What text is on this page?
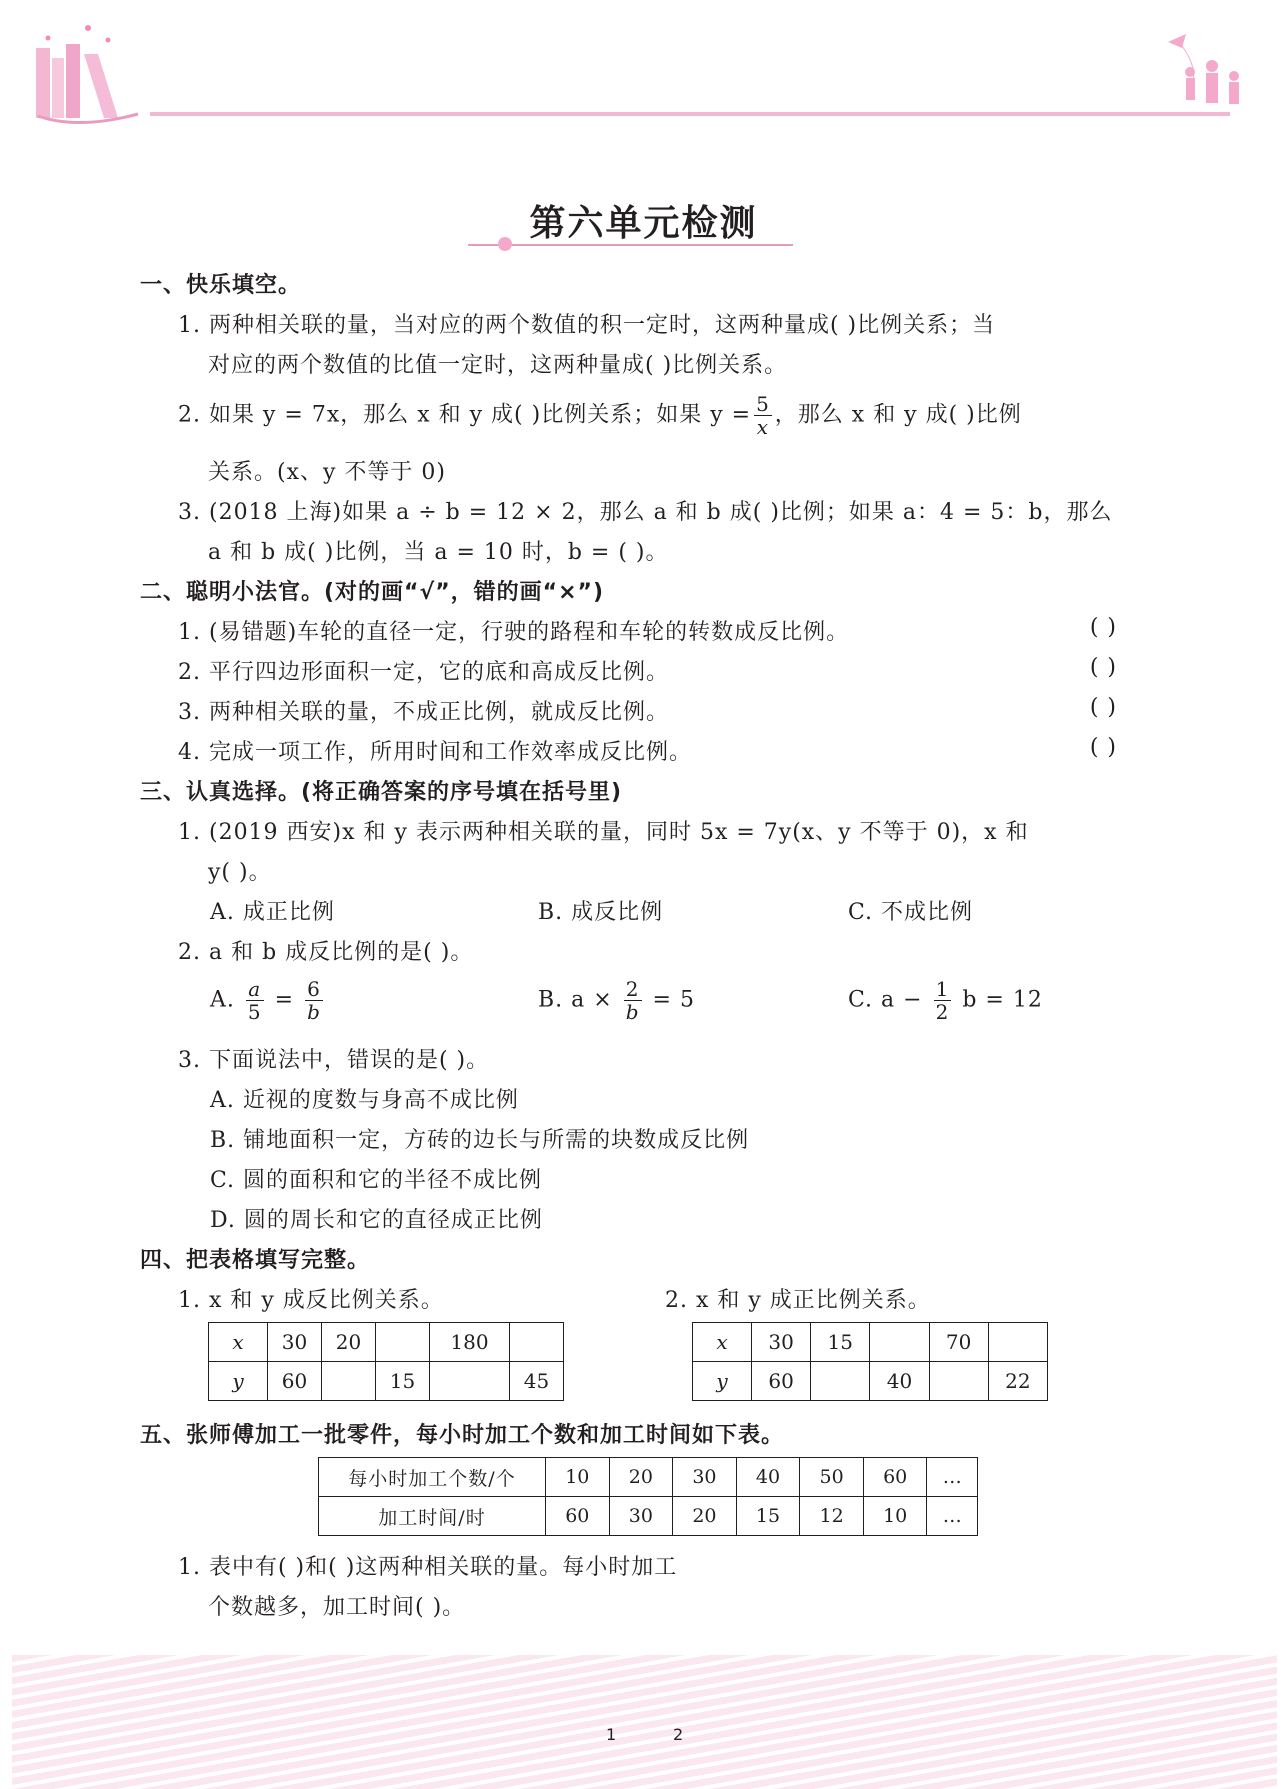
第六单元检测
一、快乐填空。
1. 两种相关联的量，当对应的两个数值的积一定时，这两种量成( )比例关系；当
对应的两个数值的比值一定时，这两种量成( )比例关系。
2. 如果 y = 7x，那么 x 和 y 成( )比例关系；如果 $y = \frac{5}{x}$ ，那么 x 和 y 成( )比例
关系。(x、y 不等于 0)
3. (2018 上海)如果 a ÷ b = 12 × 2，那么 a 和 b 成( )比例；如果 a：4 = 5：b，那么
a 和 b 成( )比例，当 a = 10 时，b = ( )。
二、聪明小法官。(对的画“√”，错的画“×”)
1. (易错题)车轮的直径一定，行驶的路程和车轮的转数成反比例。	( )
2. 平行四边形面积一定，它的底和高成反比例。	( )
3. 两种相关联的量，不成正比例，就成反比例。	( )
4. 完成一项工作，所用时间和工作效率成反比例。	( )
三、认真选择。(将正确答案的序号填在括号里)
1. (2019 西安)x 和 y 表示两种相关联的量，同时 5x = 7y(x、y 不等于 0)，x 和
y( )。
A. 成正比例	B. 成反比例	C. 不成比例
2. a 和 b 成反比例的是( )。
A. $\frac{a}{5} = \frac{6}{b}$	B. $a \times \frac{2}{b} = 5$	C. $a - \frac{1}{2}$ b = 12
3. 下面说法中，错误的是( )。
A. 近视的度数与身高不成比例
B. 铺地面积一定，方砖的边长与所需的块数成反比例
C. 圆的面积和它的半径不成比例
D. 圆的周长和它的直径成正比例
四、把表格填写完整。
1. x 和 y 成反比例关系。	2. x 和 y 成正比例关系。
x	30	20		180	
y	60		15		45
x	30	15		70	
y	60		40		22
五、张师傅加工一批零件，每小时加工个数和加工时间如下表。
每小时加工个数/个	10	20	30	40	50	60	…
加工时间/时	60	30	20	15	12	10	…
1. 表中有( )和( )这两种相关联的量。每小时加工
个数越多，加工时间( )。
1	2
